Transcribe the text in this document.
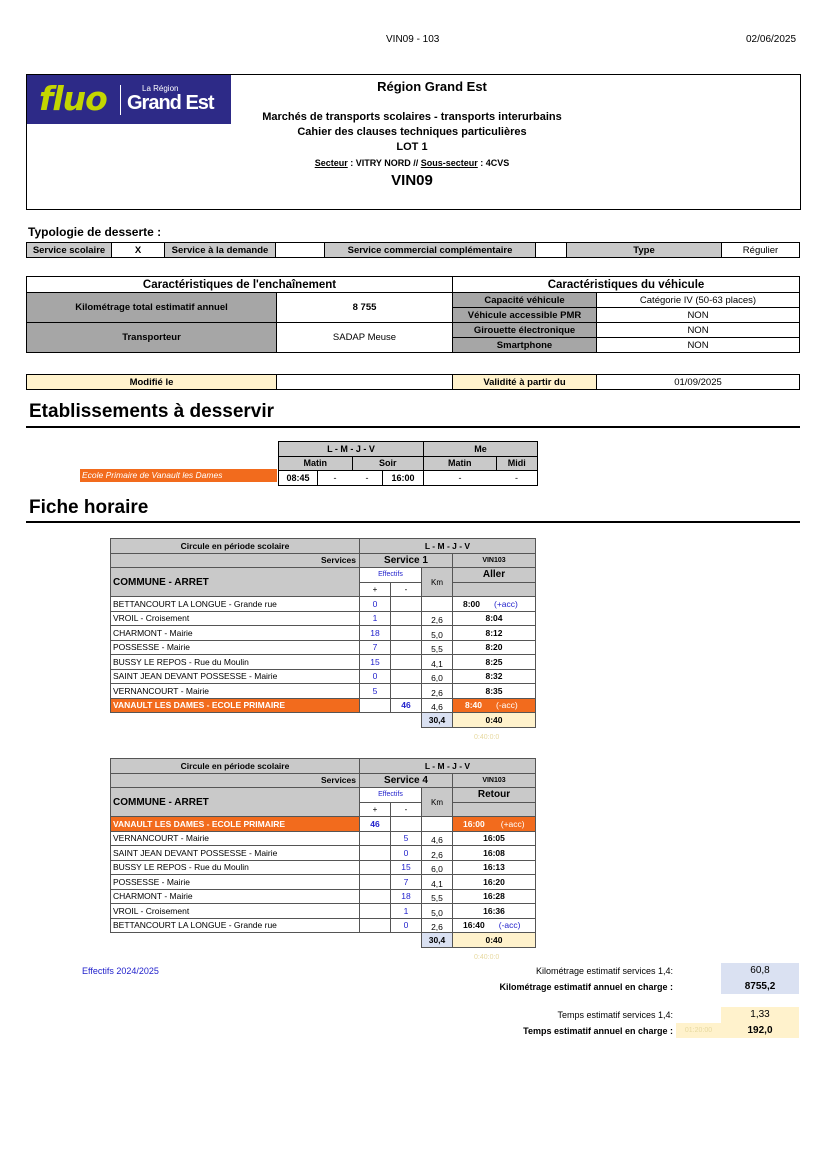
VIN09 - 103	02/06/2025
fluo	La Région
Grand Est
Région Grand Est
Marchés de transports scolaires - transports interurbains
Cahier des clauses techniques particulières
LOT 1
Secteur : VITRY NORD // Sous-secteur : 4CVS
VIN09
Typologie de desserte :
Service scolaire	X	Service à la demande		Service commercial complémentaire		Type	Régulier
Caractéristiques de l'enchaînement		Caractéristiques du véhicule	
Kilométrage total estimatif annuel	8 755	Capacité véhicule	Catégorie IV (50-63 places)
		Véhicule accessible PMR	NON
Transporteur	SADAP Meuse	Girouette électronique	NON
		Smartphone	NON
Modifié le		Validité à partir du	01/09/2025
Etablissements à desservir
L - M - J - V				Me	
Matin		Soir		Matin	Midi
08:45	-	-	16:00	-	-
Ecole Primaire de Vanault les Dames
Fiche horaire
Circule en période scolaire	L - M - J - V			
Services	Service 1			VIN103
COMMUNE - ARRET	Effectifs		Km	Aller
	+	-		
BETTANCOURT LA LONGUE - Grande rue	0			8:00 (+acc)
VROIL - Croisement	1		2,6	8:04
CHARMONT - Mairie	18		5,0	8:12
POSSESSE - Mairie	7		5,5	8:20
BUSSY LE REPOS - Rue du Moulin	15		4,1	8:25
SAINT JEAN DEVANT POSSESSE - Mairie	0		6,0	8:32
VERNANCOURT - Mairie	5		2,6	8:35
VANAULT LES DAMES - ECOLE PRIMAIRE		46	4,6	8:40 (-acc)
			30,4	0:40
0:40:0:0
Circule en période scolaire	L - M - J - V			
Services	Service 4			VIN103
COMMUNE - ARRET	Effectifs		Km	Retour
	+	-		
VANAULT LES DAMES - ECOLE PRIMAIRE	46			16:00 (+acc)
VERNANCOURT - Mairie		5	4,6	16:05
SAINT JEAN DEVANT POSSESSE - Mairie		0	2,6	16:08
BUSSY LE REPOS - Rue du Moulin		15	6,0	16:13
POSSESSE - Mairie		7	4,1	16:20
CHARMONT - Mairie		18	5,5	16:28
VROIL - Croisement		1	5,0	16:36
BETTANCOURT LA LONGUE - Grande rue		0	2,6	16:40 (-acc)
			30,4	0:40
0:40:0:0
Effectifs 2024/2025	Kilométrage estimatif services 1,4:	60,8
Kilométrage estimatif annuel en charge :	8755,2
Temps estimatif services 1,4:	1,33
Temps estimatif annuel en charge :	01:20:00	192,0
